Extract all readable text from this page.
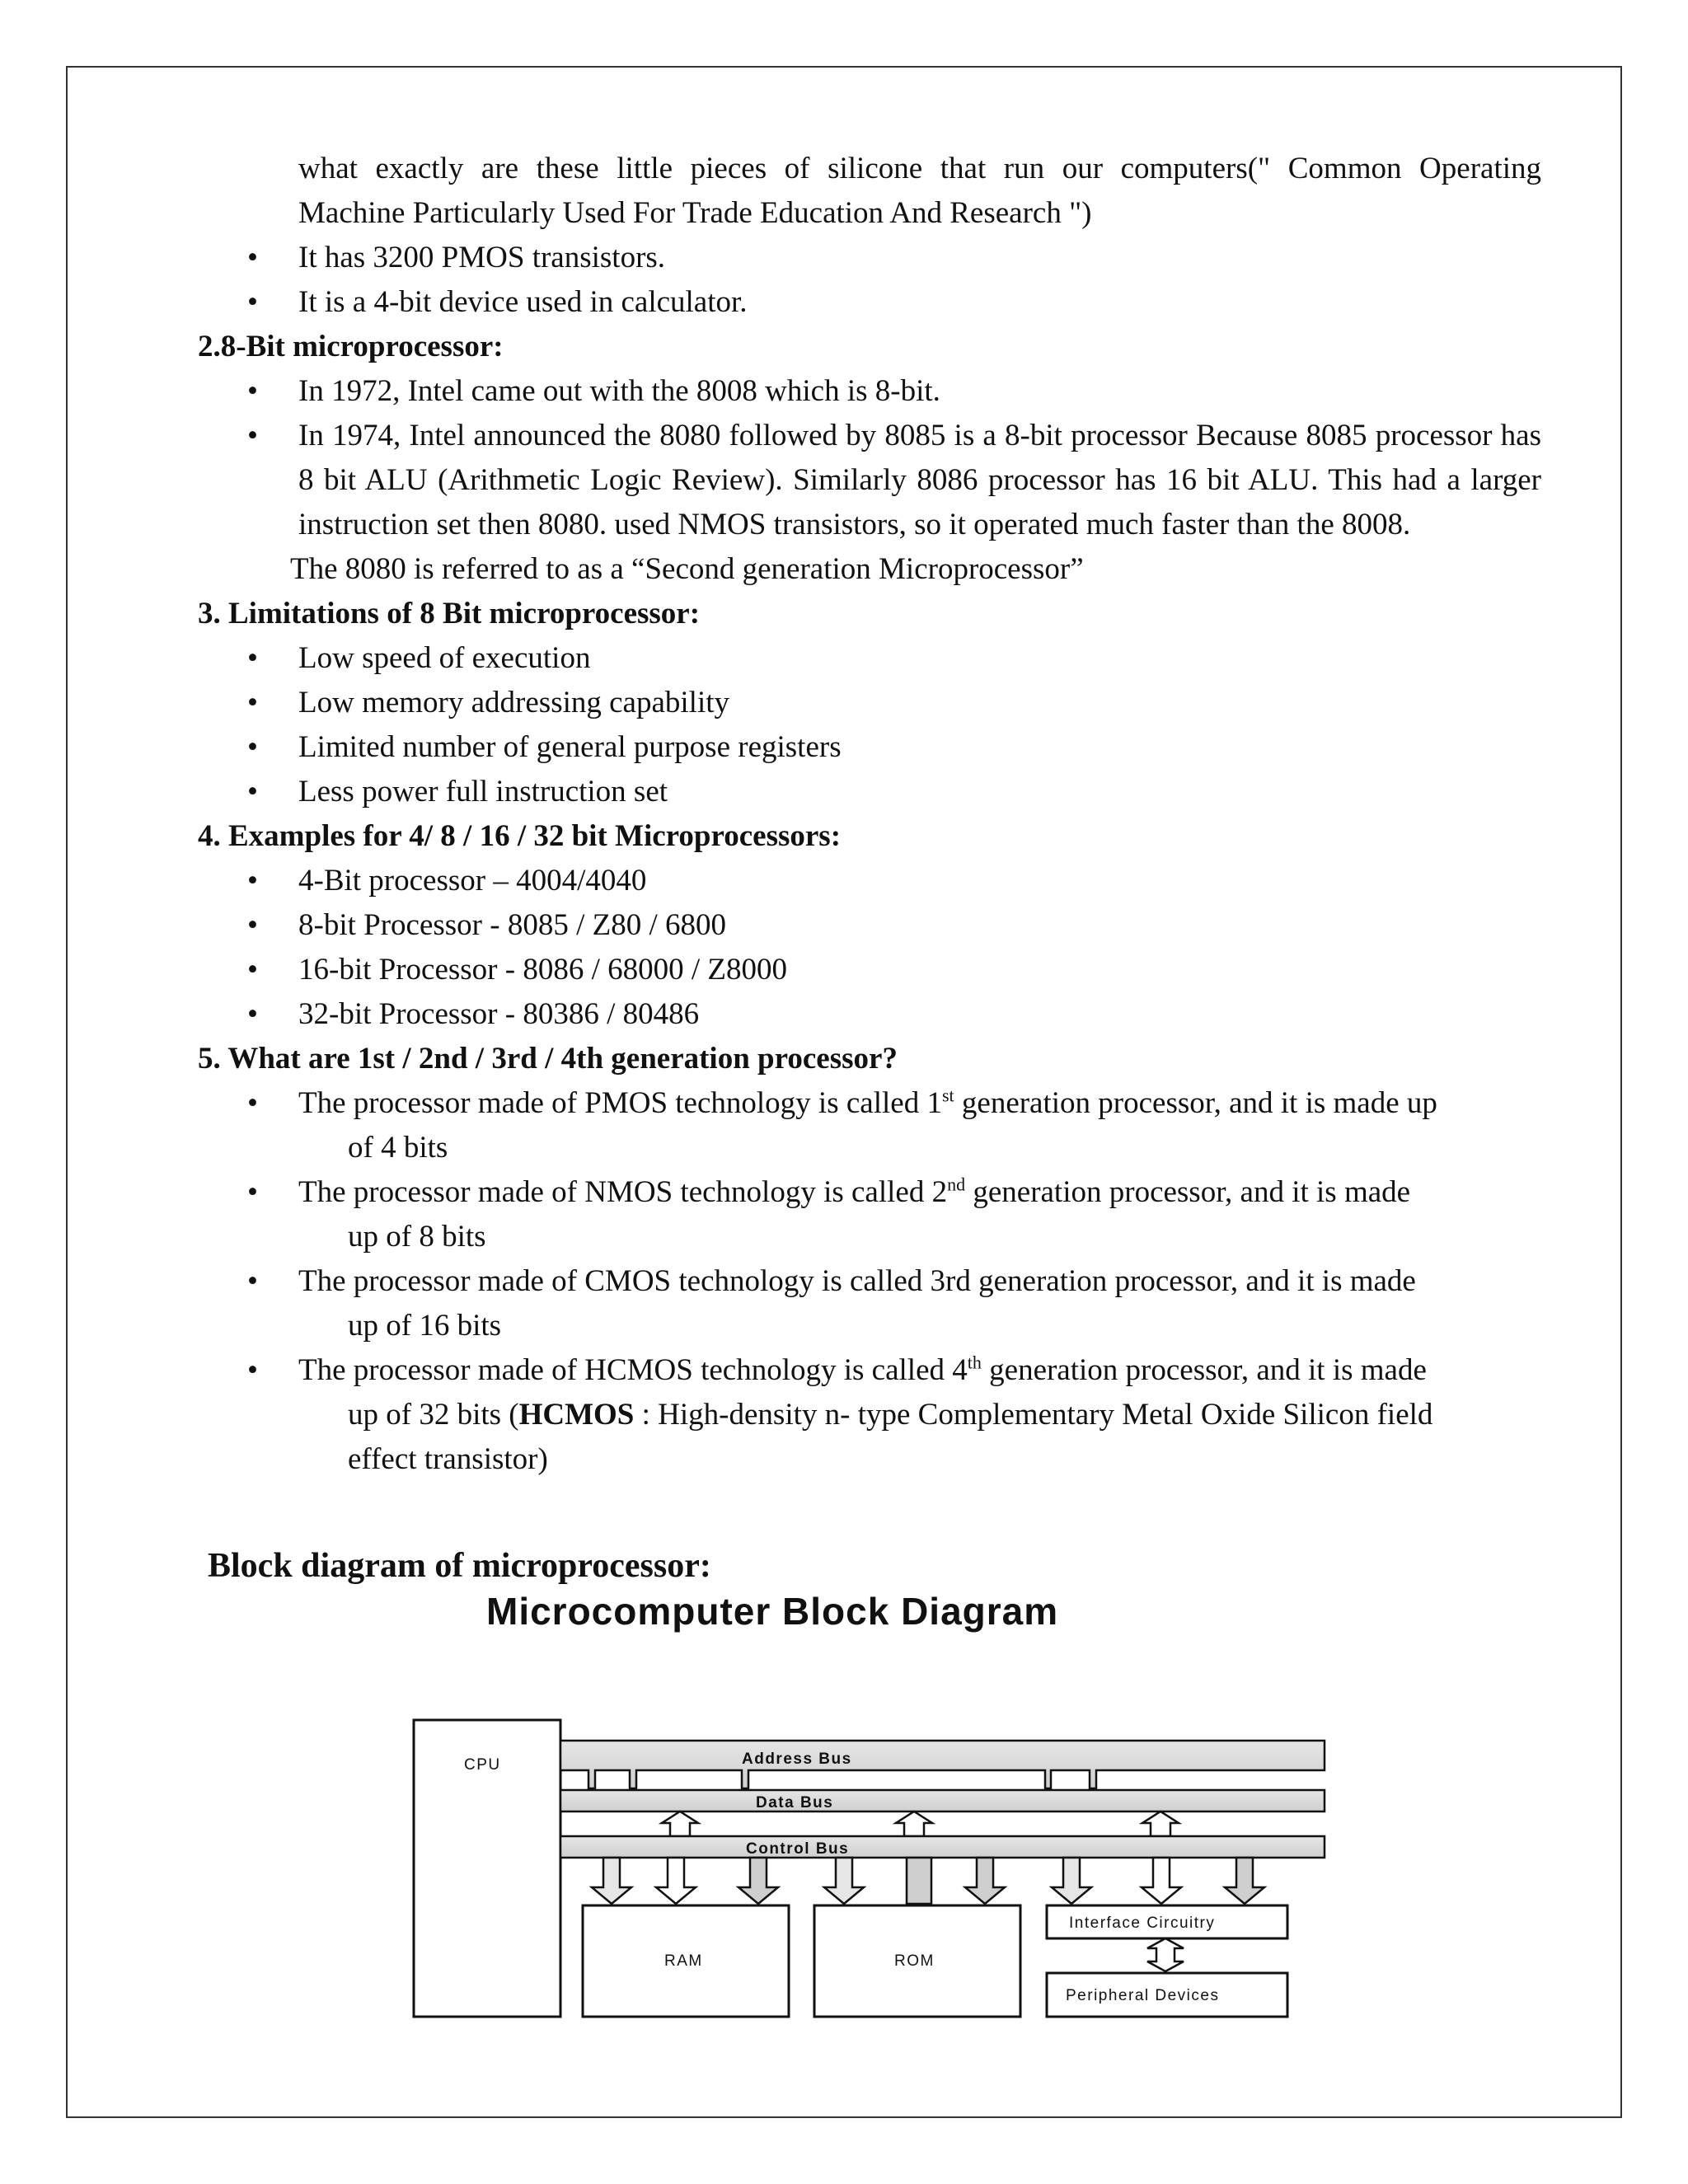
what exactly are these little pieces of silicone that run our computers(" Common Operating

Machine Particularly Used For Trade Education And Research ")

• It has 3200 PMOS transistors.
• It is a 4-bit device used in calculator.

2.8-Bit microprocessor:

• In 1972, Intel came out with the 8008 which is 8-bit.
• In 1974, Intel announced the 8080 followed by 8085 is a 8-bit processor Because 8085 processor has 8 bit ALU (Arithmetic Logic Review). Similarly 8086 processor has 16 bit ALU. This had a larger instruction set then 8080. used NMOS transistors, so it operated much faster than the 8008.

The 8080 is referred to as a “Second generation Microprocessor”

3. Limitations of 8 Bit microprocessor:

• Low speed of execution
• Low memory addressing capability
• Limited number of general purpose registers
• Less power full instruction set

4. Examples for 4/ 8 / 16 / 32 bit Microprocessors:

• 4-Bit processor – 4004/4040
• 8-bit Processor - 8085 / Z80 / 6800
• 16-bit Processor - 8086 / 68000 / Z8000
• 32-bit Processor - 80386 / 80486

5. What are 1st / 2nd / 3rd / 4th generation processor?

• The processor made of PMOS technology is called 1st generation processor, and it is made up
of 4 bits
• The processor made of NMOS technology is called 2nd generation processor, and it is made
up of 8 bits
• The processor made of CMOS technology is called 3rd generation processor, and it is made
up of 16 bits
• The processor made of HCMOS technology is called 4th generation processor, and it is made
up of 32 bits (HCMOS : High-density n- type Complementary Metal Oxide Silicon field
effect transistor)
Block diagram of microprocessor:
Microcomputer Block Diagram
CPU	Address Bus
Data Bus
Control Bus
RAM	ROM
Interface Circuitry
Peripheral Devices
